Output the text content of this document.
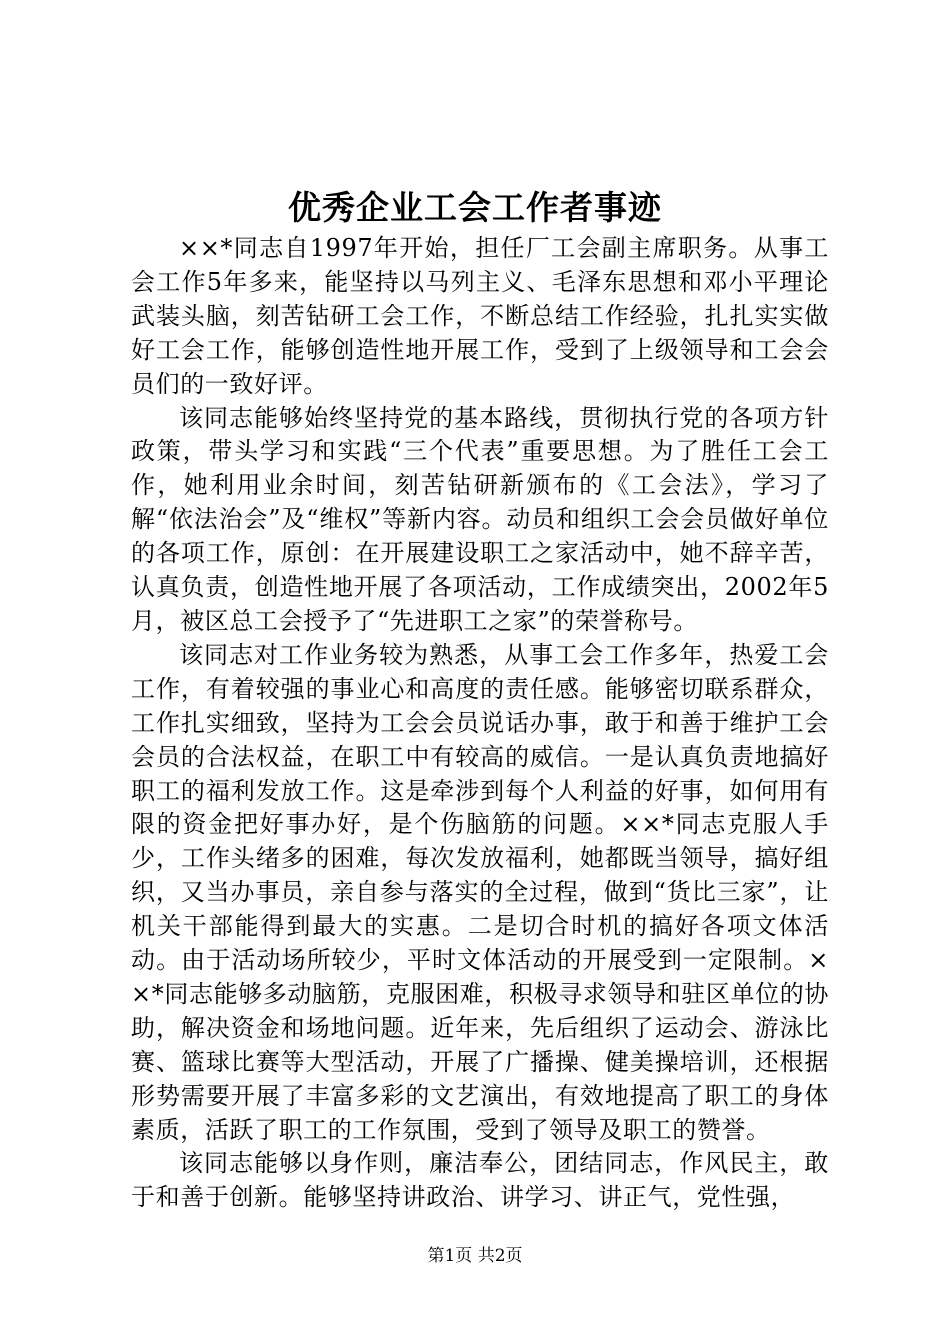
优秀企业工会工作者事迹

××*同志自1997年开始，担任厂工会副主席职务。从事工会工作5年多来，能坚持以马列主义、毛泽东思想和邓小平理论武装头脑，刻苦钻研工会工作，不断总结工作经验，扎扎实实做好工会工作，能够创造性地开展工作，受到了上级领导和工会会员们的一致好评。

该同志能够始终坚持党的基本路线，贯彻执行党的各项方针政策，带头学习和实践“三个代表”重要思想。为了胜任工会工作，她利用业余时间，刻苦钻研新颁布的《工会法》，学习了解“依法治会”及“维权”等新内容。动员和组织工会会员做好单位的各项工作，原创：在开展建设职工之家活动中，她不辞辛苦，认真负责，创造性地开展了各项活动，工作成绩突出，2002年5月，被区总工会授予了“先进职工之家”的荣誉称号。

该同志对工作业务较为熟悉，从事工会工作多年，热爱工会工作，有着较强的事业心和高度的责任感。能够密切联系群众，工作扎实细致，坚持为工会会员说话办事，敢于和善于维护工会会员的合法权益，在职工中有较高的威信。一是认真负责地搞好职工的福利发放工作。这是牵涉到每个人利益的好事，如何用有限的资金把好事办好，是个伤脑筋的问题。××*同志克服人手少，工作头绪多的困难，每次发放福利，她都既当领导，搞好组织，又当办事员，亲自参与落实的全过程，做到“货比三家”，让机关干部能得到最大的实惠。二是切合时机的搞好各项文体活动。由于活动场所较少，平时文体活动的开展受到一定限制。××*同志能够多动脑筋，克服困难，积极寻求领导和驻区单位的协助，解决资金和场地问题。近年来，先后组织了运动会、游泳比赛、篮球比赛等大型活动，开展了广播操、健美操培训，还根据形势需要开展了丰富多彩的文艺演出，有效地提高了职工的身体素质，活跃了职工的工作氛围，受到了领导及职工的赞誉。

该同志能够以身作则，廉洁奉公，团结同志，作风民主，敢于和善于创新。能够坚持讲政治、讲学习、讲正气，党性强，

第1页 共2页
